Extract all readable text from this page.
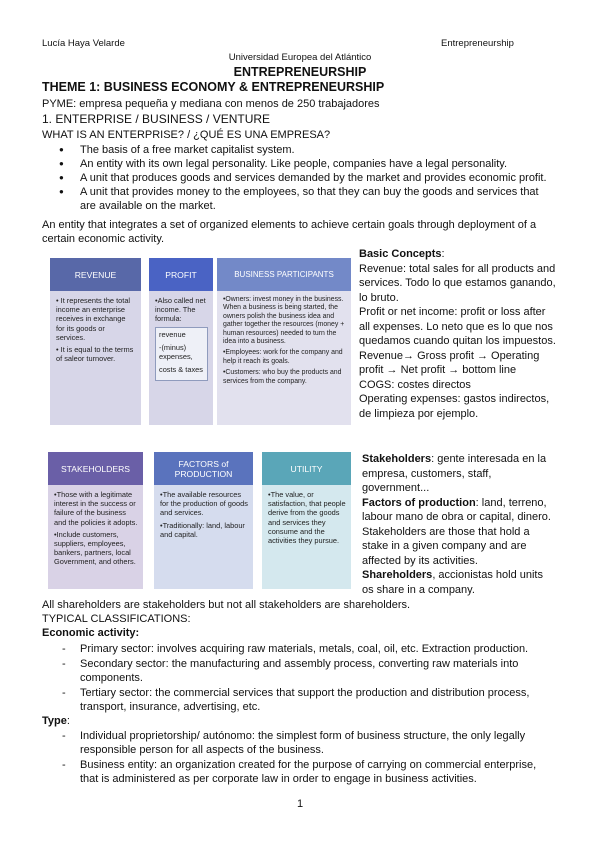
Lucía Haya Velarde	Entrepreneurship
Universidad Europea del Atlántico
ENTREPRENEURSHIP
THEME 1: BUSINESS ECONOMY & ENTREPRENEURSHIP
PYME: empresa pequeña y mediana con menos de 250 trabajadores
1. ENTERPRISE / BUSINESS / VENTURE
WHAT IS AN ENTERPRISE? / ¿QUÉ ES UNA EMPRESA?
● The basis of a free market capitalist system.
● An entity with its own legal personality. Like people, companies have a legal personality.
● A unit that produces goods and services demanded by the market and provides economic profit.
● A unit that provides money to the employees, so that they can buy the goods and services that are available on the market.
An entity that integrates a set of organized elements to achieve certain goals through deployment of a certain economic activity.
Basic Concepts:
Revenue: total sales for all products and services. Todo lo que estamos ganando, lo bruto.
Profit or net income: profit or loss after all expenses. Lo neto que es lo que nos quedamos cuando quitan los impuestos.
Revenue→ Gross profit → Operating profit → Net profit → bottom line
COGS: costes directos
Operating expenses: gastos indirectos, de limpieza por ejemplo.
Stakeholders: gente interesada en la empresa, customers, staff, government...
Factors of production: land, terreno, labour mano de obra or capital, dinero.
Stakeholders are those that hold a stake in a given company and are affected by its activities.
Shareholders, accionistas hold units os share in a company.
REVENUE

• It represents the total income an enterprise receives in exchange for its goods or services.

• It is equal to the terms of saleor turnover.

PROFIT

•Also called net income. The formula:

revenue
-(minus) expenses,
costs & taxes
BUSINESS PARTICIPANTS

•Owners: invest money in the business. When a business is being started, the owners polish the business idea and gather together the resources (money + human resources) needed to turn the idea into a business.

•Employees: work for the company and help it reach its goals.

•Customers: who buy the products and services from the company.

STAKEHOLDERS

•Those with a legitimate interest in the success or failure of the business and the policies it adopts.

•Include customers, suppliers, employees, bankers, partners, local Government, and others.

FACTORS of PRODUCTION

•The available resources for the production of goods and services.

•Traditionally: land, labour and capital.

UTILITY

•The value, or satisfaction, that people derive from the goods and services they consume and the activities they pursue.

All shareholders are stakeholders but not all stakeholders are shareholders.
TYPICAL CLASSIFICATIONS:
Economic activity:
- Primary sector: involves acquiring raw materials, metals, coal, oil, etc. Extraction production.
- Secondary sector: the manufacturing and assembly process, converting raw materials into components.
- Tertiary sector: the commercial services that support the production and distribution process, transport, insurance, advertising, etc.
Type:
- Individual proprietorship/ autónomo: the simplest form of business structure, the only legally responsible person for all aspects of the business.
- Business entity: an organization created for the purpose of carrying on commercial enterprise, that is administered as per corporate law in order to engage in business activities.
1
